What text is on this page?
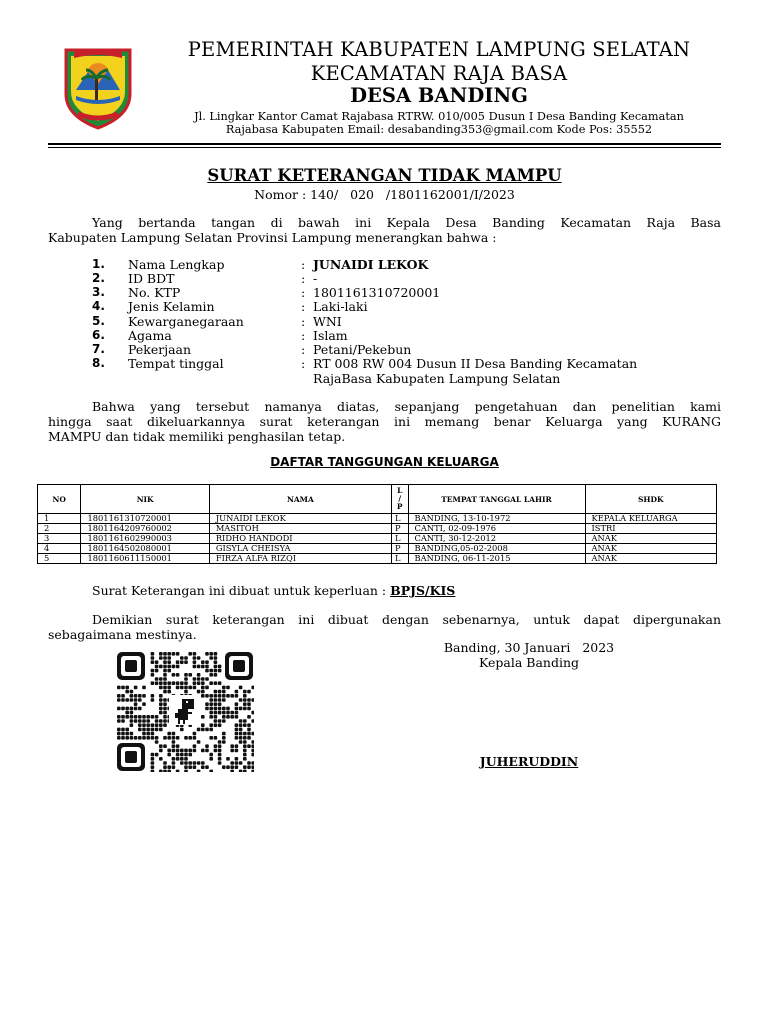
PEMERINTAH KABUPATEN LAMPUNG SELATAN
KECAMATAN RAJA BASA
DESA BANDING
Jl. Lingkar Kantor Camat Rajabasa RTRW. 010/005 Dusun I Desa Banding Kecamatan
Rajabasa Kabupaten Email: desabanding353@gmail.com Kode Pos: 35552
SURAT KETERANGAN TIDAK MAMPU
Nomor : 140/   020   /1801162001/I/2023
Yang bertanda tangan di bawah ini Kepala Desa Banding Kecamatan Raja Basa
Kabupaten Lampung Selatan Provinsi Lampung menerangkan bahwa :
1. Nama Lengkap	: JUNAIDI LEKOK
2. ID BDT	: -
3. No. KTP	: 1801161310720001
4. Jenis Kelamin	: Laki-laki
5. Kewarganegaraan	: WNI
6. Agama	: Islam
7. Pekerjaan	: Petani/Pekebun
8. Tempat tinggal	: RT 008 RW 004 Dusun II Desa Banding Kecamatan
RajaBasa Kabupaten Lampung Selatan
Bahwa yang tersebut namanya diatas, sepanjang pengetahuan dan penelitian kami
hingga saat dikeluarkannya surat keterangan ini memang benar Keluarga yang KURANG
MAMPU dan tidak memiliki penghasilan tetap.
DAFTAR TANGGUNGAN KELUARGA
NO	NIK	NAMA	L
/
P	TEMPAT TANGGAL LAHIR	SHDK
1	1801161310720001	JUNAIDI LEKOK	L	BANDING, 13-10-1972	KEPALA KELUARGA
2	1801164209760002	MASITOH	P	CANTI, 02-09-1976	ISTRI
3	1801161602990003	RIDHO HANDODI	L	CANTI, 30-12-2012	ANAK
4	1801164502080001	GISYLA CHEISYA	P	BANDING,05-02-2008	ANAK
5	1801160611150001	FIRZA ALFA RIZQI	L	BANDING, 06-11-2015	ANAK
Surat Keterangan ini dibuat untuk keperluan : BPJS/KIS
Demikian surat keterangan ini dibuat dengan sebenarnya, untuk dapat dipergunakan
sebagaimana mestinya.
Banding, 30 Januari   2023
Kepala Banding
JUHERUDDIN
